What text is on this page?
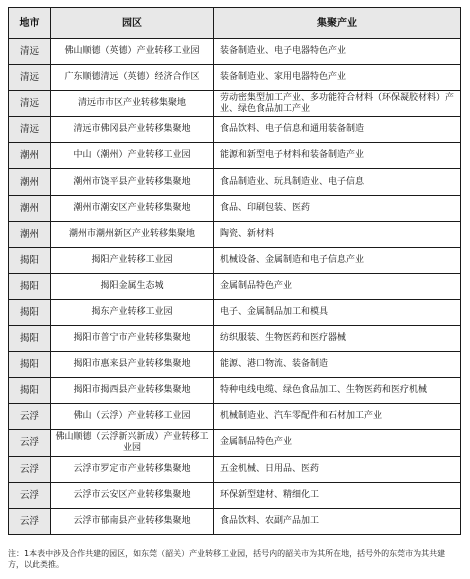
地市	园区	集聚产业
清远	佛山顺德（英德）产业转移工业园	装备制造业、电子电器特色产业
清远	广东顺德清远（英德）经济合作区	装备制造业、家用电器特色产业
清远	清远市市区产业转移集聚地	劳动密集型加工产业、多功能符合材料（环保凝胶材料）产业、绿色食品加工产业
清远	清远市佛冈县产业转移集聚地	食品饮料、电子信息和通用装备制造
潮州	中山（潮州）产业转移工业园	能源和新型电子材料和装备制造产业
潮州	潮州市饶平县产业转移集聚地	食品制造业、玩具制造业、电子信息
潮州	潮州市潮安区产业转移集聚地	食品、印刷包装、医药
潮州	潮州市潮州新区产业转移集聚地	陶瓷、新材料
揭阳	揭阳产业转移工业园	机械设备、金属制造和电子信息产业
揭阳	揭阳金属生态城	金属制品特色产业
揭阳	揭东产业转移工业园	电子、金属制品加工和模具
揭阳	揭阳市普宁市产业转移集聚地	纺织服装、生物医药和医疗器械
揭阳	揭阳市惠来县产业转移集聚地	能源、港口物流、装备制造
揭阳	揭阳市揭西县产业转移集聚地	特种电线电缆、绿色食品加工、生物医药和医疗机械
云浮	佛山（云浮）产业转移工业园	机械制造业、汽车零配件和石材加工产业
云浮	佛山顺德（云浮新兴新成）产业转移工业园	金属制品特色产业
云浮	云浮市罗定市产业转移集聚地	五金机械、日用品、医药
云浮	云浮市云安区产业转移集聚地	环保新型建材、精细化工
云浮	云浮市郁南县产业转移集聚地	食品饮料、农副产品加工
注：1本表中涉及合作共建的园区，如东莞（韶关）产业转移工业园，括号内的韶关市为其所在地，括号外的东莞市为其共建方，以此类推。
